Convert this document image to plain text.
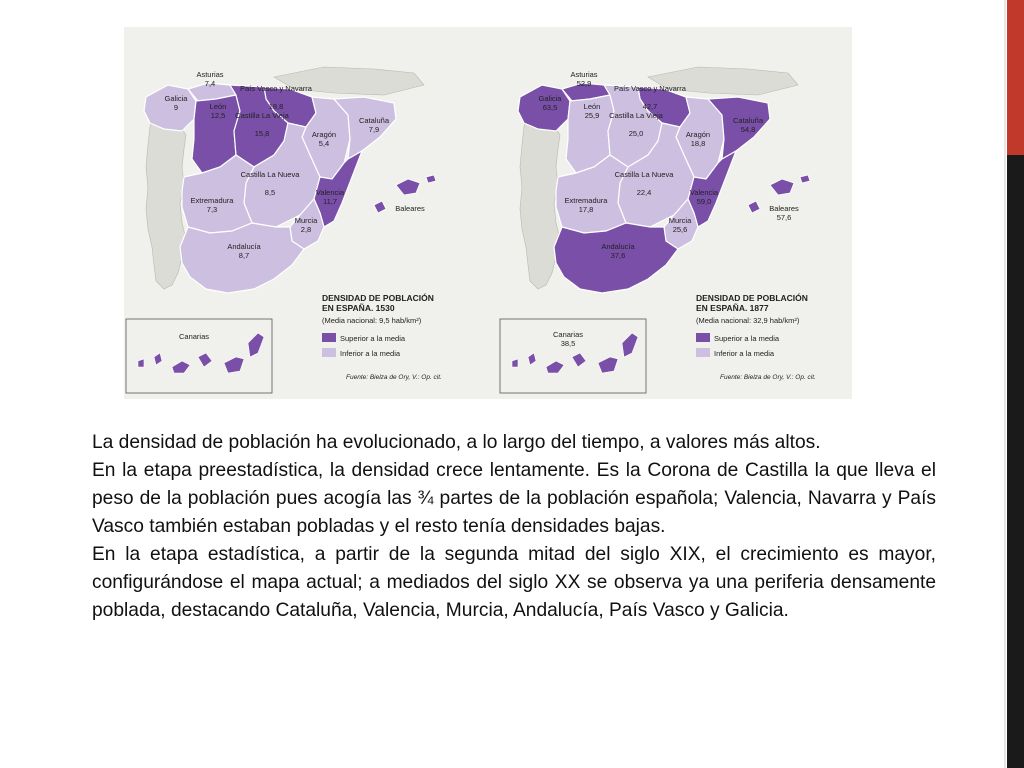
Asturias
7,4
Galicia
9
País Vasco y Navarra
18,8
León
12,5 Castilla La Vieja
15,8	Aragón
5,4
Cataluña
7,9
Castilla La Nueva
8,5
Extremadura
7,3
Valencia
11,7
Murcia
2,8
Andalucía
8,7
Baleares
Canarias
DENSIDAD DE POBLACIÓN
EN ESPAÑA. 1530
(Media nacional: 9,5 hab/km²)
Superior a la media
Inferior a la media
Fuente: Bielza de Ory, V.: Op. cit.
Asturias
52,9
Galicia
63,5
País Vasco y Navarra
42,7
León
25,9 Castilla La Vieja
25,0	Aragón
18,8
Cataluña
54,8
Castilla La Nueva
22,4
Extremadura
17,8
Valencia
59,0
Murcia
25,6
Andalucía
37,6
Baleares
57,6
Canarias
38,5
DENSIDAD DE POBLACIÓN
EN ESPAÑA. 1877
(Media nacional: 32,9 hab/km²)
Superior a la media
Inferior a la media
Fuente: Bielza de Ory, V.: Op. cit.

La densidad de población ha evolucionado, a lo largo del tiempo, a valores más altos.

En la etapa preestadística, la densidad crece lentamente. Es la Corona de Castilla la que lleva el peso de la población pues acogía las ¾ partes de la población española; Valencia, Navarra y País Vasco también estaban pobladas y el resto tenía densidades bajas.

En la etapa estadística, a partir de la segunda mitad del siglo XIX, el crecimiento es mayor, configurándose el mapa actual; a mediados del siglo XX se observa ya una periferia densamente poblada, destacando Cataluña, Valencia, Murcia, Andalucía, País Vasco y Galicia.
